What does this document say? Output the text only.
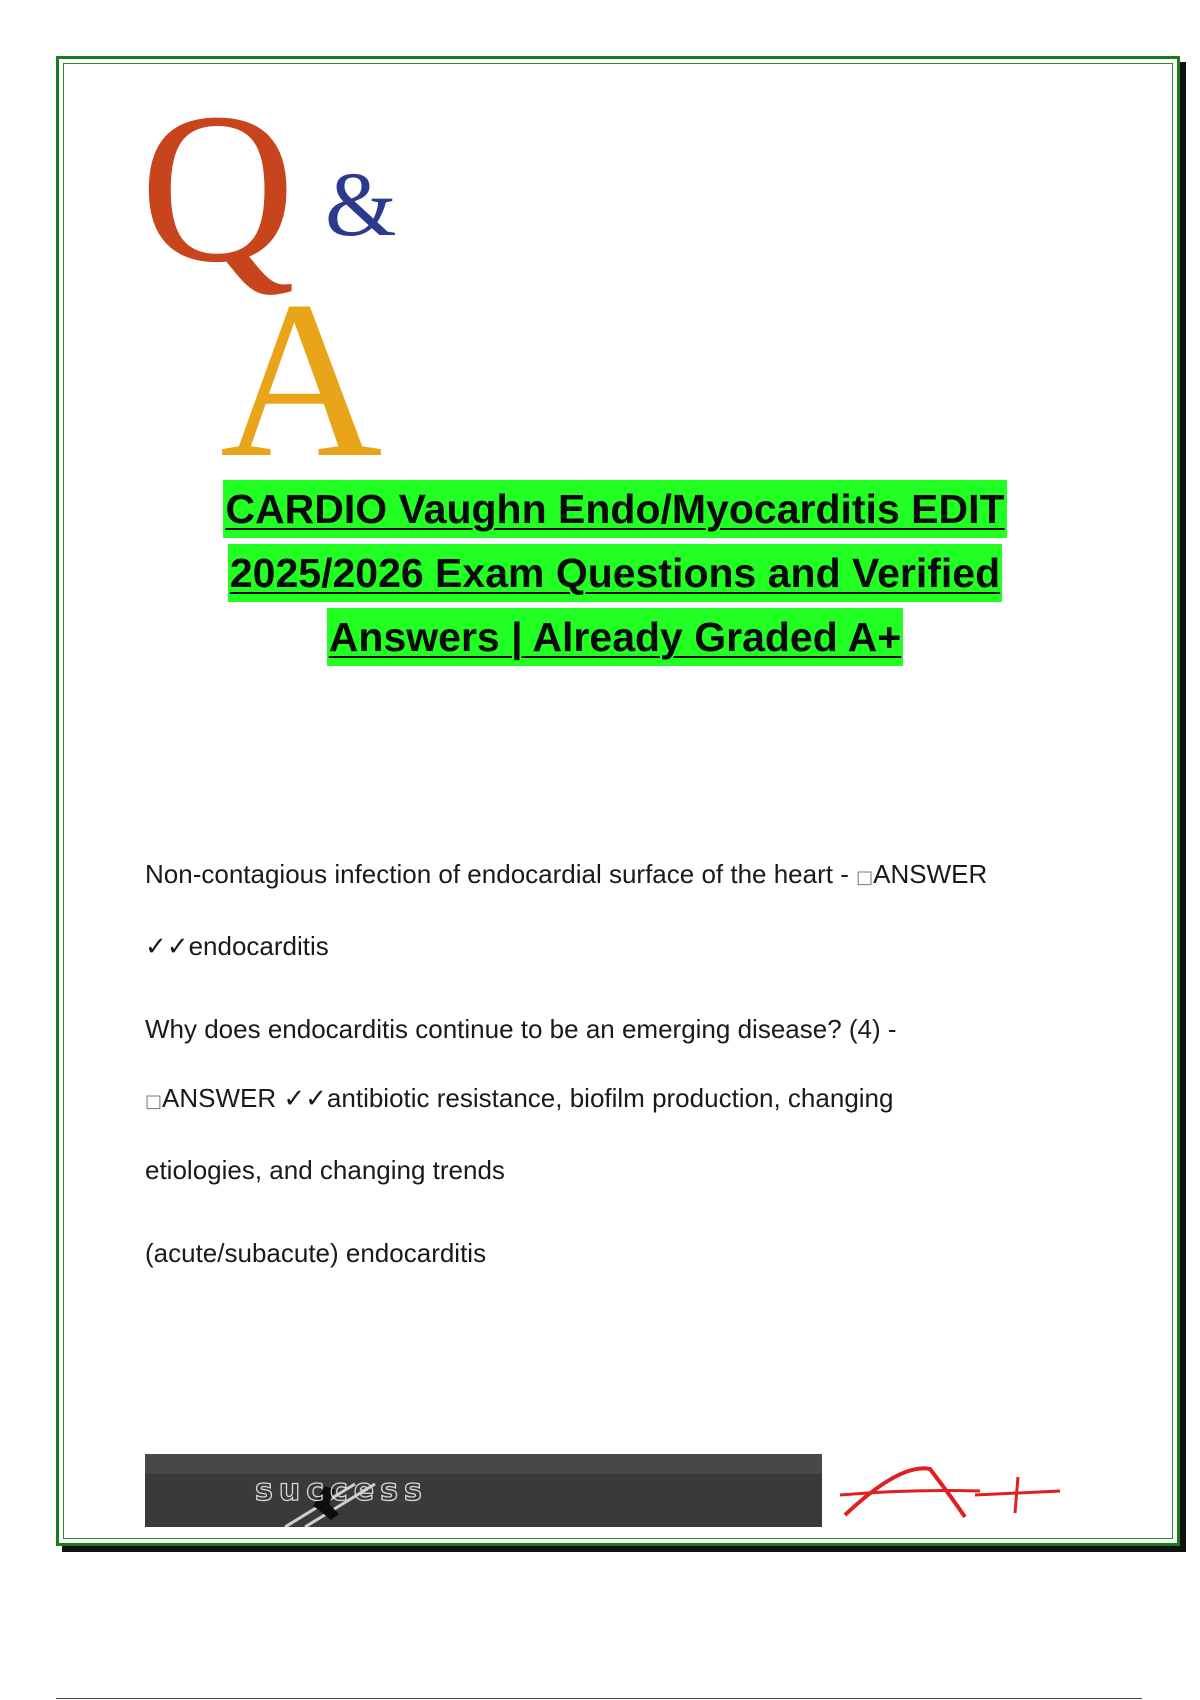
Q &
A
CARDIO Vaughn Endo/Myocarditis EDIT
2025/2026 Exam Questions and Verified
Answers | Already Graded A+
Non-contagious infection of endocardial surface of the heart - □ANSWER
✓✓endocarditis
Why does endocarditis continue to be an emerging disease? (4) -
□ANSWER ✓✓antibiotic resistance, biofilm production, changing
etiologies, and changing trends
(acute/subacute) endocarditis
success
A+
